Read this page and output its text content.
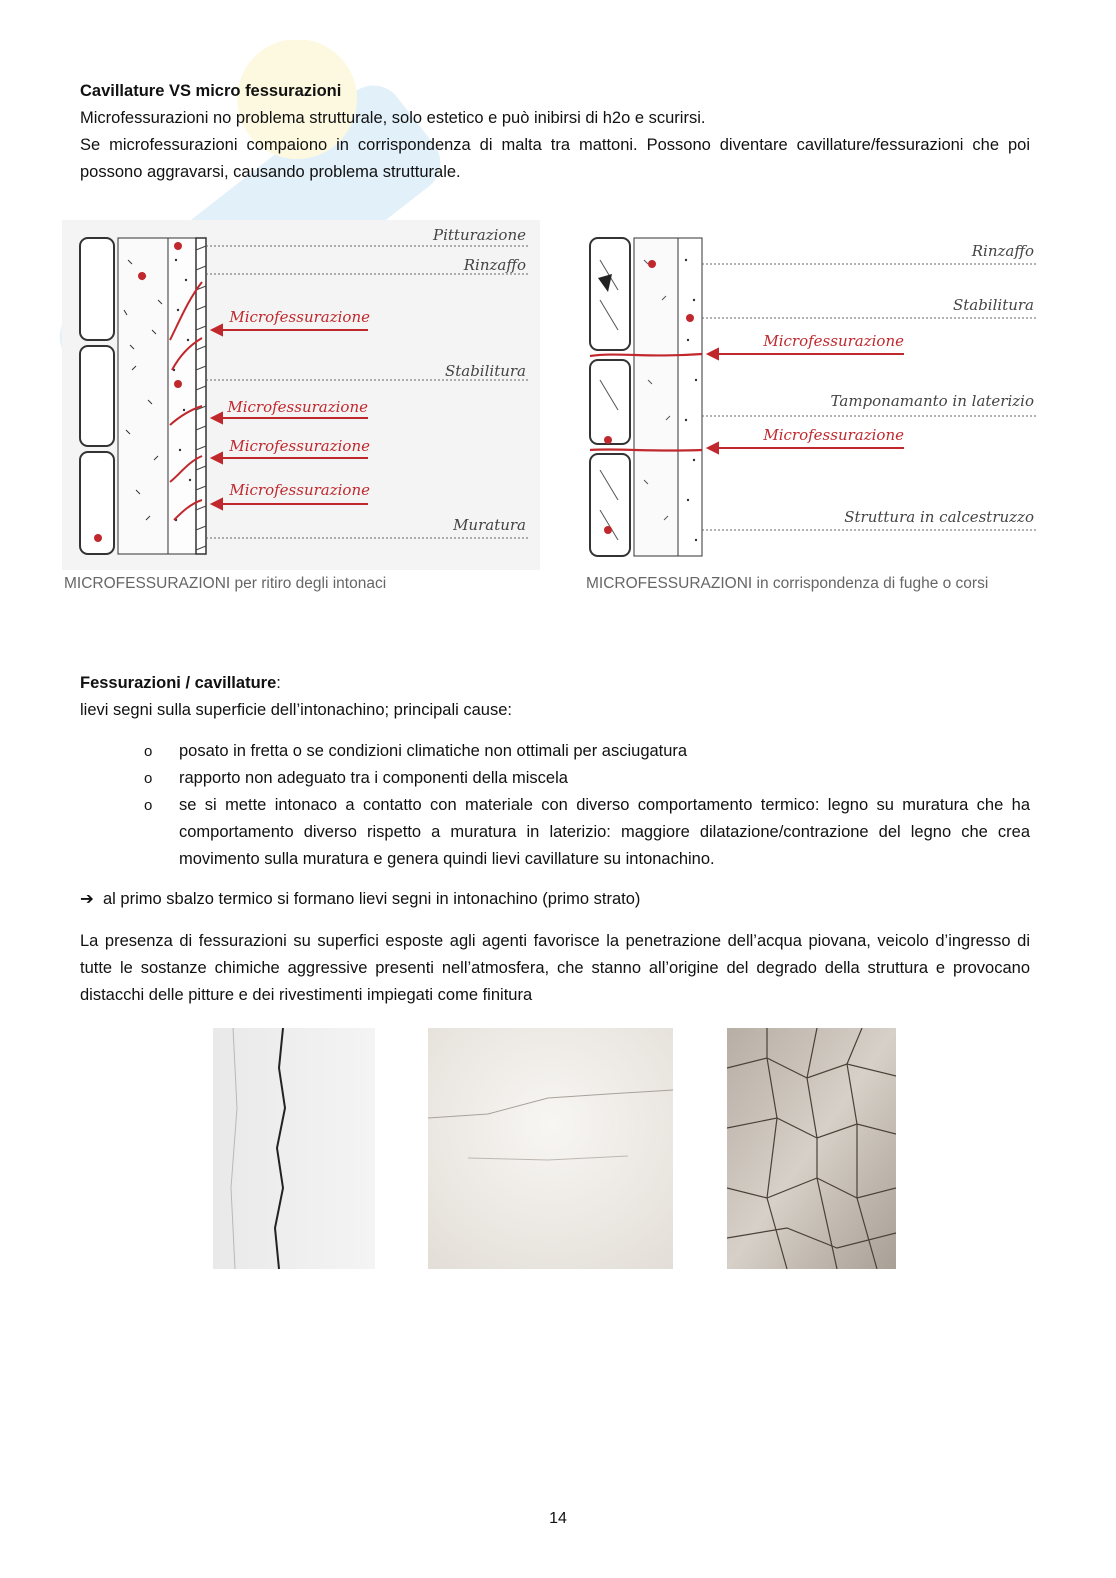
Cavillature VS micro fessurazioni
Microfessurazioni no problema strutturale, solo estetico e può inibirsi di h2o e scurirsi.
Se microfessurazioni compaiono in corrispondenza di malta tra mattoni. Possono diventare cavillature/fessurazioni che poi possono aggravarsi, causando problema strutturale.
Pitturazione
Rinzaffo
Microfessurazione
Stabilitura
Microfessurazione
Microfessurazione
Microfessurazione
Muratura
MICROFESSURAZIONI per ritiro degli intonaci
Rinzaffo
Stabilitura
Microfessurazione
Tamponamanto in laterizio
Microfessurazione
Struttura in calcestruzzo
MICROFESSURAZIONI in corrispondenza di fughe o corsi
Fessurazioni / cavillature:
lievi segni sulla superficie dell’intonachino; principali cause:
o posato in fretta o se condizioni climatiche non ottimali per asciugatura
o rapporto non adeguato tra i componenti della miscela
o se si mette intonaco a contatto con materiale con diverso comportamento termico: legno su muratura che ha comportamento diverso rispetto a muratura in laterizio: maggiore dilatazione/contrazione del legno che crea movimento sulla muratura e genera quindi lievi cavillature su intonachino.
➔ al primo sbalzo termico si formano lievi segni in intonachino (primo strato)
La presenza di fessurazioni su superfici esposte agli agenti favorisce la penetrazione dell’acqua piovana, veicolo d’ingresso di tutte le sostanze chimiche aggressive presenti nell’atmosfera, che stanno all’origine del degrado della struttura e provocano distacchi delle pitture e dei rivestimenti impiegati come finitura
14
